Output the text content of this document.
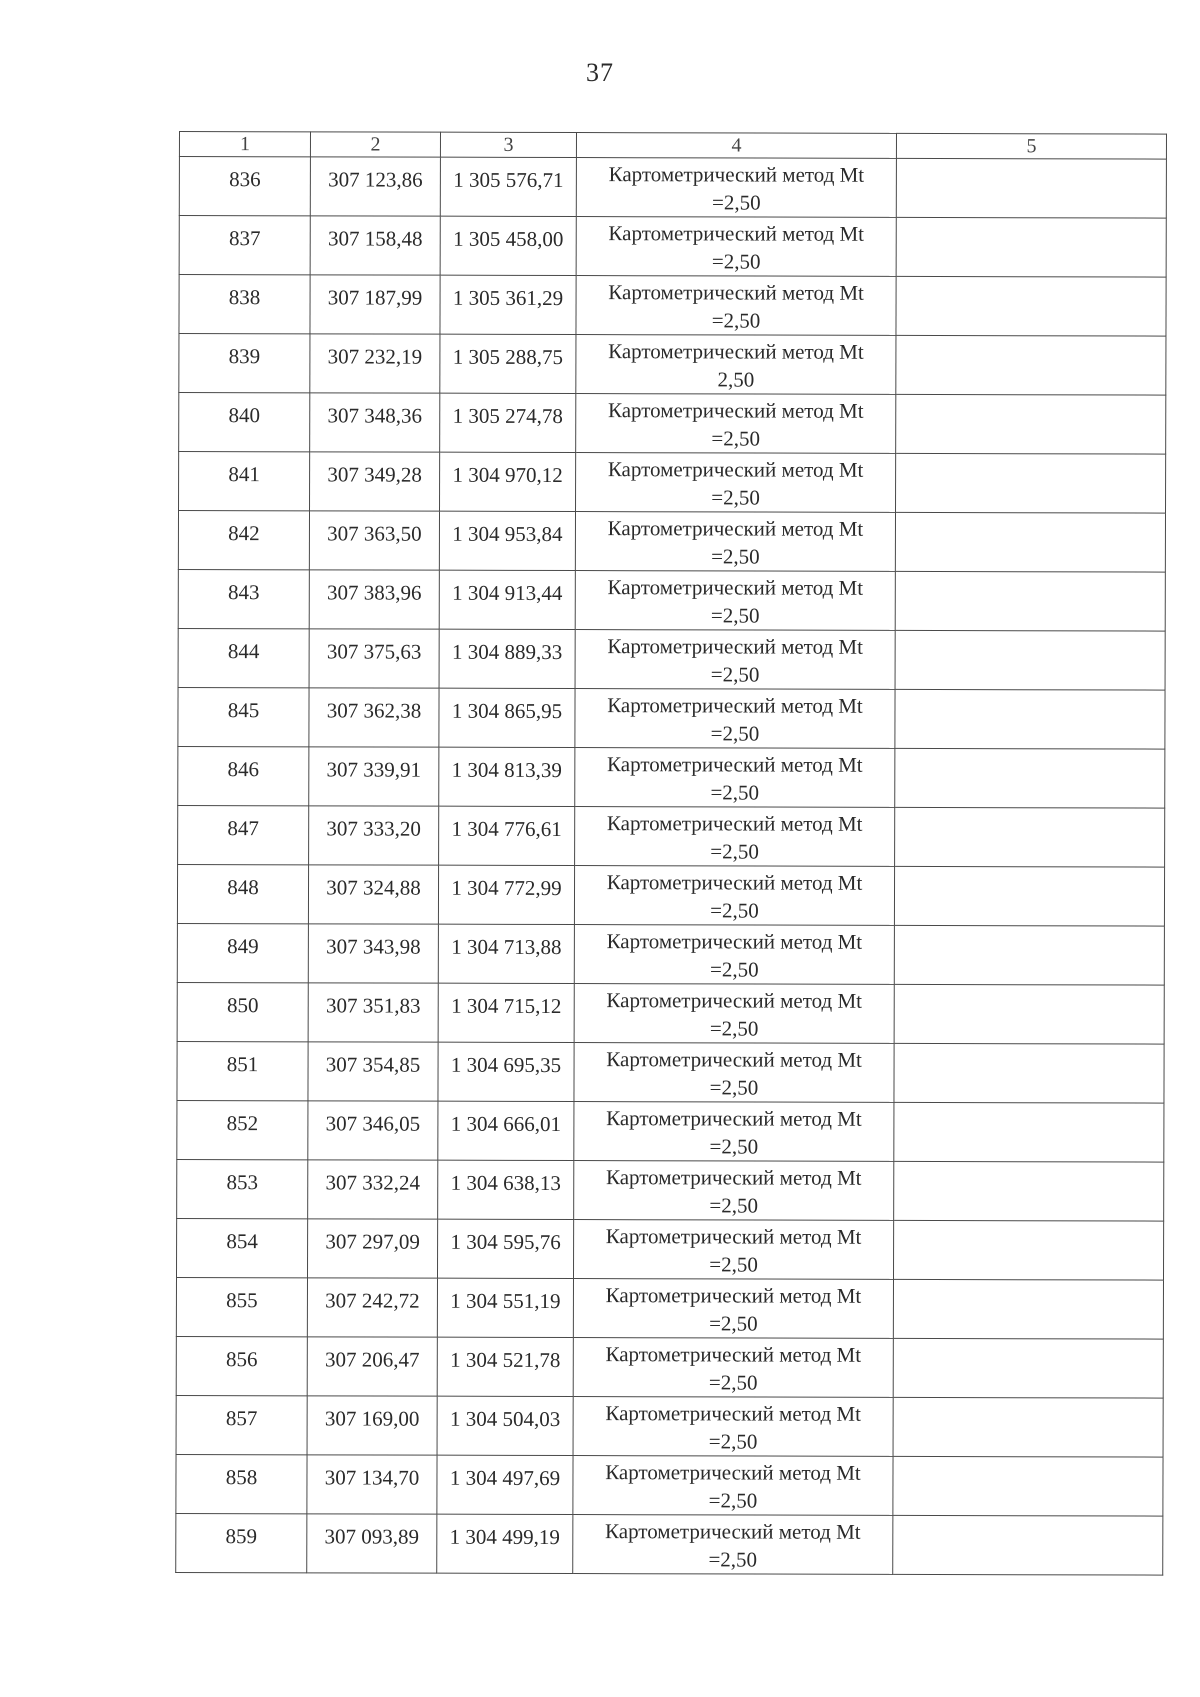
37
1	2	3	4	5
836	307 123,86	1 305 576,71	Картометрический метод Mt
=2,50	

837	307 158,48	1 305 458,00	Картометрический метод Mt
=2,50	

838	307 187,99	1 305 361,29	Картометрический метод Mt
=2,50	

839	307 232,19	1 305 288,75	Картометрический метод Mt
2,50	

840	307 348,36	1 305 274,78	Картометрический метод Mt
=2,50	

841	307 349,28	1 304 970,12	Картометрический метод Mt
=2,50	

842	307 363,50	1 304 953,84	Картометрический метод Mt
=2,50	

843	307 383,96	1 304 913,44	Картометрический метод Mt
=2,50	

844	307 375,63	1 304 889,33	Картометрический метод Mt
=2,50	

845	307 362,38	1 304 865,95	Картометрический метод Mt
=2,50	

846	307 339,91	1 304 813,39	Картометрический метод Mt
=2,50	

847	307 333,20	1 304 776,61	Картометрический метод Mt
=2,50	

848	307 324,88	1 304 772,99	Картометрический метод Mt
=2,50	

849	307 343,98	1 304 713,88	Картометрический метод Mt
=2,50	

850	307 351,83	1 304 715,12	Картометрический метод Mt
=2,50	

851	307 354,85	1 304 695,35	Картометрический метод Mt
=2,50	

852	307 346,05	1 304 666,01	Картометрический метод Mt
=2,50	

853	307 332,24	1 304 638,13	Картометрический метод Mt
=2,50	

854	307 297,09	1 304 595,76	Картометрический метод Mt
=2,50	

855	307 242,72	1 304 551,19	Картометрический метод Mt
=2,50	

856	307 206,47	1 304 521,78	Картометрический метод Mt
=2,50	

857	307 169,00	1 304 504,03	Картометрический метод Mt
=2,50	

858	307 134,70	1 304 497,69	Картометрический метод Mt
=2,50	

859	307 093,89	1 304 499,19	Картометрический метод Mt
=2,50	
